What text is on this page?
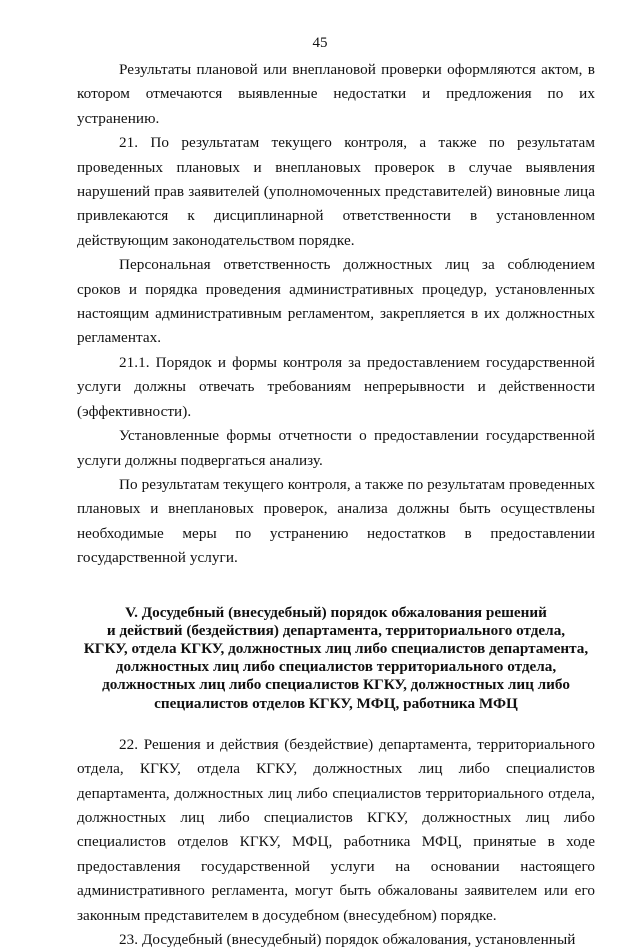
45

Результаты плановой или внеплановой проверки оформляются актом, в котором отмечаются выявленные недостатки и предложения по их устранению.

21. По результатам текущего контроля, а также по результатам проведенных плановых и внеплановых проверок в случае выявления нарушений прав заявителей (уполномоченных представителей) виновные лица привлекаются к дисциплинарной ответственности в установленном действующим законодательством порядке.

Персональная ответственность должностных лиц за соблюдением сроков и порядка проведения административных процедур, установленных настоящим административным регламентом, закрепляется в их должностных регламентах.

21.1. Порядок и формы контроля за предоставлением государственной услуги должны отвечать требованиям непрерывности и действенности (эффективности).

Установленные формы отчетности о предоставлении государственной услуги должны подвергаться анализу.

По результатам текущего контроля, а также по результатам проведенных плановых и внеплановых проверок, анализа должны быть осуществлены необходимые меры по устранению недостатков в предоставлении государственной услуги.

V. Досудебный (внесудебный) порядок обжалования решений
и действий (бездействия) департамента, территориального отдела,
КГКУ, отдела КГКУ, должностных лиц либо специалистов департамента,
должностных лиц либо специалистов территориального отдела,
должностных лиц либо специалистов КГКУ, должностных лиц либо
специалистов отделов КГКУ, МФЦ, работника МФЦ

22. Решения и действия (бездействие) департамента, территориального отдела, КГКУ, отдела КГКУ, должностных лиц либо специалистов департамента, должностных лиц либо специалистов территориального отдела, должностных лиц либо специалистов КГКУ, должностных лиц либо специалистов отделов КГКУ, МФЦ, работника МФЦ, принятые в ходе предоставления государственной услуги на основании настоящего административного регламента, могут быть обжалованы заявителем или его законным представителем в досудебном (внесудебном) порядке.

23. Досудебный (внесудебный) порядок обжалования, установленный
